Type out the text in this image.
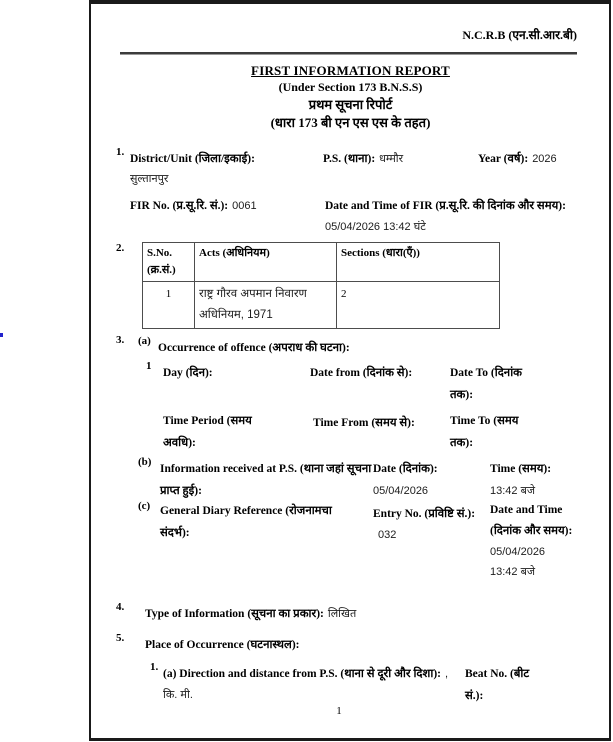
N.C.R.B (एन.सी.आर.बी)
FIRST INFORMATION REPORT
(Under Section 173 B.N.S.S)
प्रथम सूचना रिपोर्ट
(धारा 173 बी एन एस एस के तहत)
1.
District/Unit (जिला/इकाई):
सुल्तानपुर
P.S. (थाना): धम्मौर	Year (वर्ष): 2026
FIR No. (प्र.सू.रि. सं.): 0061	Date and Time of FIR (प्र.सू.रि. की दिनांक और समय): 05/04/2026 13:42 घंटे
2. S.No. (क्र.सं.)	Acts (अधिनियम)	Sections (धारा(एँ))
1	राष्ट्र गौरव अपमान निवारण अधिनियम, 1971	2
3. (a)
Occurrence of offence (अपराध की घटना):
1
Day (दिन):	Date from (दिनांक से):	Date To (दिनांक तक):
Time Period (समय अवधि):
Time From (समय से):	Time To (समय तक):
(b)
Information received at P.S. (थाना जहां सूचना प्राप्त हुई):
Date (दिनांक):
05/04/2026
Time (समय):
13:42 बजे
(c) General Diary Reference (रोजनामचा संदर्भ):
Entry No. (प्रविष्टि सं.): 032
Date and Time (दिनांक और समय):
05/04/2026
13:42 बजे
4.
Type of Information (सूचना का प्रकार): लिखित
5.
Place of Occurrence (घटनास्थल):
1.
(a) Direction and distance from P.S. (थाना से दूरी और दिशा): , कि. मी.
Beat No. (बीट सं.):
1
